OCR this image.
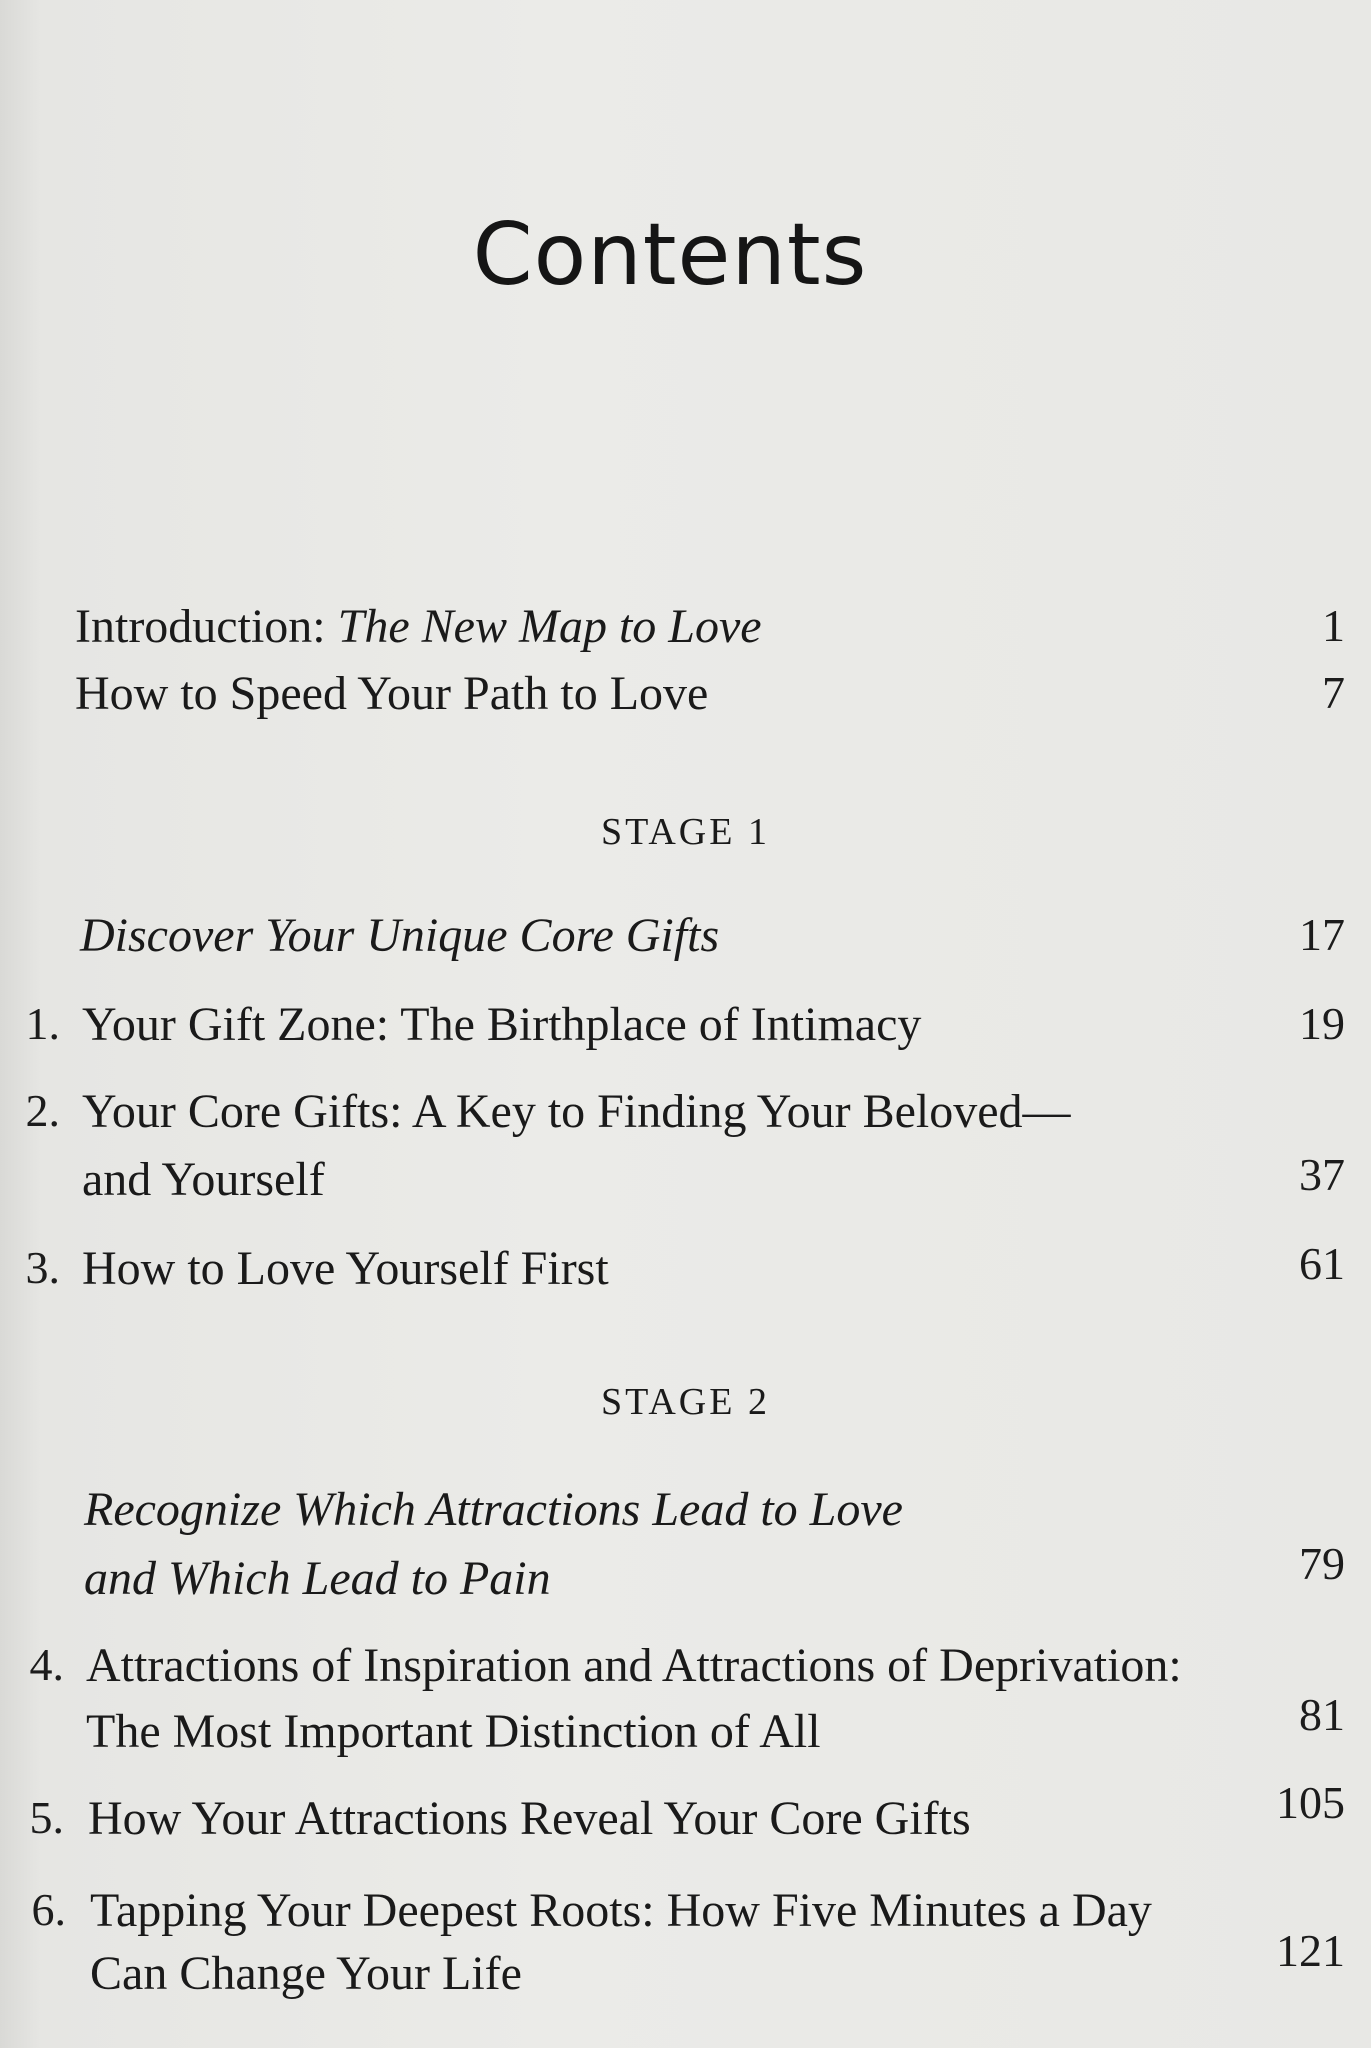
Contents
Introduction: The New Map to Love	1
How to Speed Your Path to Love	7
STAGE 1
Discover Your Unique Core Gifts	17
1. Your Gift Zone: The Birthplace of Intimacy	19
2. Your Core Gifts: A Key to Finding Your Beloved—
and Yourself	37
3. How to Love Yourself First	61
STAGE 2
Recognize Which Attractions Lead to Love
and Which Lead to Pain	79
4. Attractions of Inspiration and Attractions of Deprivation:
The Most Important Distinction of All	81
5. How Your Attractions Reveal Your Core Gifts	105
6. Tapping Your Deepest Roots: How Five Minutes a Day
Can Change Your Life	121
